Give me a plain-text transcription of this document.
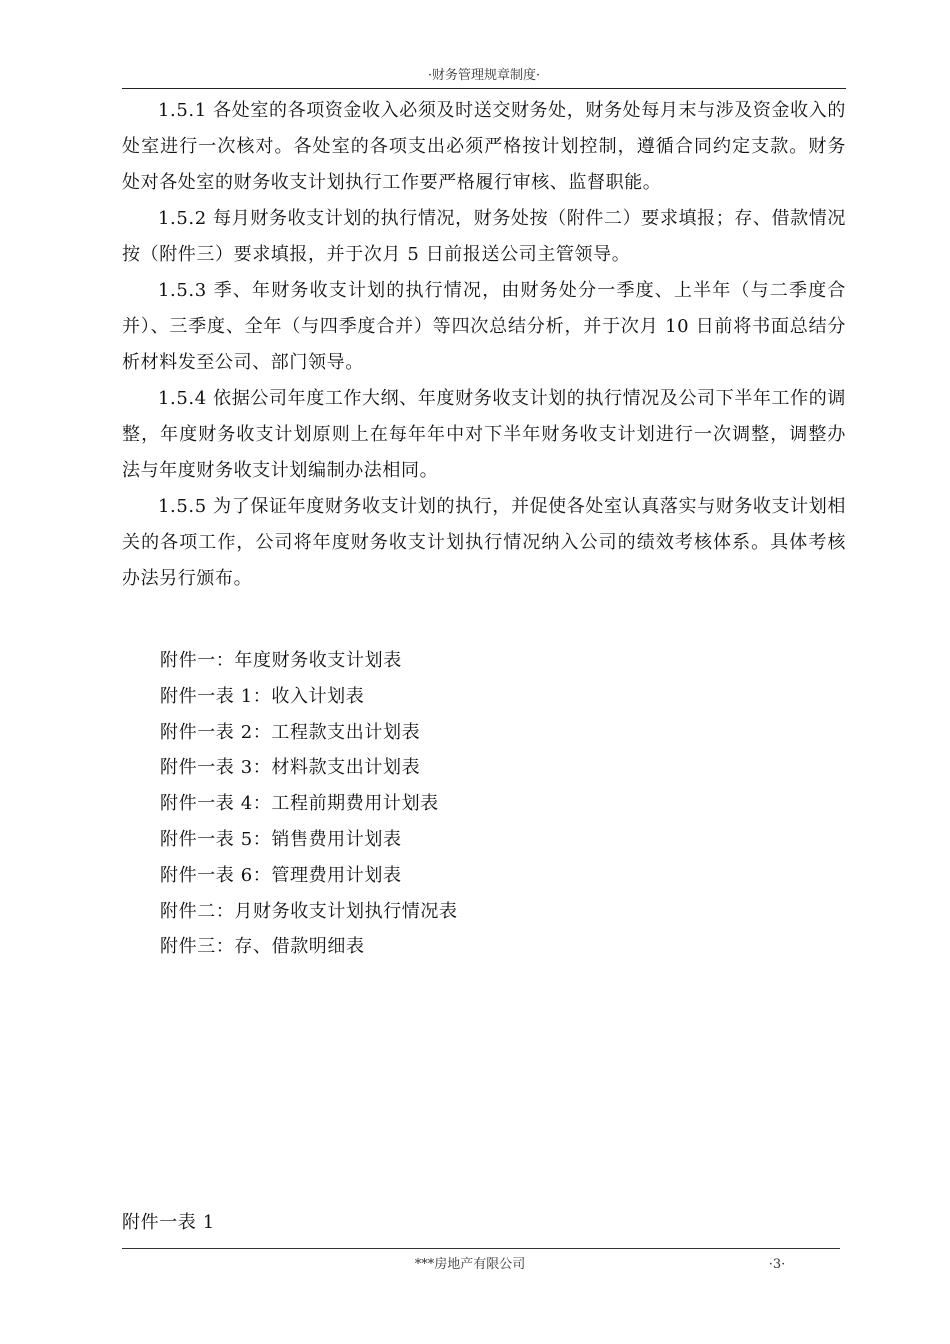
·财务管理规章制度·

1.5.1 各处室的各项资金收入必须及时送交财务处，财务处每月末与涉及资金收入的处室进行一次核对。各处室的各项支出必须严格按计划控制，遵循合同约定支款。财务处对各处室的财务收支计划执行工作要严格履行审核、监督职能。

1.5.2 每月财务收支计划的执行情况，财务处按（附件二）要求填报；存、借款情况按（附件三）要求填报，并于次月 5 日前报送公司主管领导。

1.5.3 季、年财务收支计划的执行情况，由财务处分一季度、上半年（与二季度合并）、三季度、全年（与四季度合并）等四次总结分析，并于次月 10 日前将书面总结分析材料发至公司、部门领导。

1.5.4 依据公司年度工作大纲、年度财务收支计划的执行情况及公司下半年工作的调整，年度财务收支计划原则上在每年年中对下半年财务收支计划进行一次调整，调整办法与年度财务收支计划编制办法相同。

1.5.5 为了保证年度财务收支计划的执行，并促使各处室认真落实与财务收支计划相关的各项工作，公司将年度财务收支计划执行情况纳入公司的绩效考核体系。具体考核办法另行颁布。

附件一：年度财务收支计划表
附件一表 1：收入计划表
附件一表 2：工程款支出计划表
附件一表 3：材料款支出计划表
附件一表 4：工程前期费用计划表
附件一表 5：销售费用计划表
附件一表 6：管理费用计划表
附件二：月财务收支计划执行情况表
附件三：存、借款明细表
附件一表 1
***房地产有限公司	·3·
